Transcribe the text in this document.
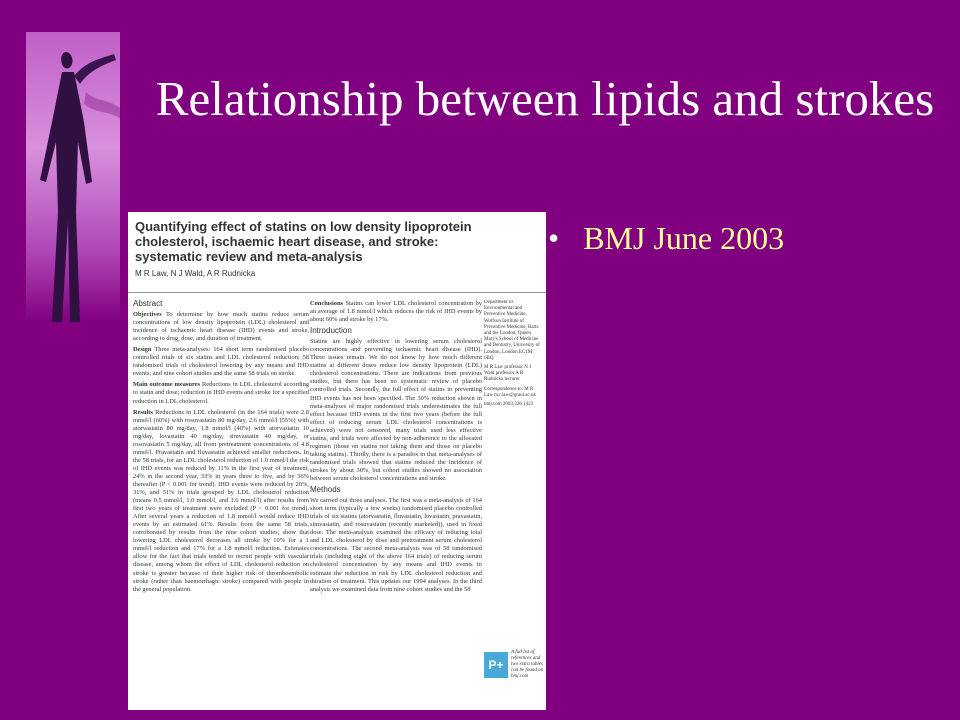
Relationship between lipids and strokes
• BMJ June 2003
Quantifying effect of statins on low density lipoprotein cholesterol, ischaemic heart disease, and stroke: systematic review and meta-analysis
M R Law, N J Wald, A R Rudnicka
Abstract

Objectives To determine by how much statins reduce serum concentrations of low density lipoprotein (LDL) cholesterol and incidence of ischaemic heart disease (IHD) events and stroke, according to drug, dose, and duration of treatment.

Design Three meta-analyses: 164 short term randomised placebo controlled trials of six statins and LDL cholesterol reduction; 58 randomised trials of cholesterol lowering by any means and IHD events; and nine cohort studies and the same 58 trials on stroke.

Main outcome measures Reductions in LDL cholesterol according to statin and dose; reduction in IHD events and stroke for a specified reduction in LDL cholesterol.

Results Reductions in LDL cholesterol (in the 164 trials) were 2.8 mmol/l (60%) with rosuvastatin 80 mg/day, 2.6 mmol/l (55%) with atorvastatin 80 mg/day, 1.8 mmol/l (40%) with atorvastatin 10 mg/day, lovastatin 40 mg/day, simvastatin 40 mg/day, or rosuvastatin 5 mg/day, all from pretreatment concentrations of 4.8 mmol/l. Pravastatin and fluvastatin achieved smaller reductions. In the 58 trials, for an LDL cholesterol reduction of 1.0 mmol/l the risk of IHD events was reduced by 11% in the first year of treatment, 24% in the second year, 33% in years three to five, and by 36% thereafter (P < 0.001 for trend). IHD events were reduced by 20%, 31%, and 51% in trials grouped by LDL cholesterol reduction (means 0.5 mmol/l, 1.0 mmol/l, and 1.6 mmol/l) after results from first two years of treatment were excluded (P < 0.001 for trend). After several years a reduction of 1.8 mmol/l would reduce IHD events by an estimated 61%. Results from the same 58 trials, corroborated by results from the nine cohort studies, show that lowering LDL cholesterol decreases all stroke by 10% for a 1 mmol/l reduction and 17% for a 1.8 mmol/l reduction. Estimates allow for the fact that trials tended to recruit people with vascular disease, among whom the effect of LDL cholesterol reduction on stroke is greater because of their higher risk of thromboembolic stroke (rather than haemorrhagic stroke) compared with people in the general population.

Conclusions Statins can lower LDL cholesterol concentration by an average of 1.8 mmol/l which reduces the risk of IHD events by about 60% and stroke by 17%.

Introduction

Statins are highly effective in lowering serum cholesterol concentrations and preventing ischaemic heart disease (IHD). Three issues remain. We do not know by how much different statins at different doses reduce low density lipoprotein (LDL) cholesterol concentrations. There are indications from previous studies, but there has been no systematic review of placebo controlled trials. Secondly, the full effect of statins in preventing IHD events has not been specified. The 30% reduction shown in meta-analyses of major randomised trials underestimates the full effect because IHD events in the first two years (before the full effect of reducing serum LDL cholesterol concentrations is achieved) were not censored, many trials used less effective statins, and trials were affected by non-adherence to the allocated regimen (those on statins not taking them and those on placebo taking statins). Thirdly, there is a paradox in that meta-analyses of randomised trials showed that statins reduced the incidence of strokes by about 30%, but cohort studies showed no association between serum cholesterol concentrations and stroke.

Methods

We carried out three analyses. The first was a meta-analysis of 164 short term (typically a few weeks) randomised placebo controlled trials of six statins (atorvastatin, fluvastatin, lovastatin, pravastatin, simvastatin, and rosuvastatin (recently marketed)), used in fixed dose. The meta-analysis examined the efficacy of reducing total and LDL cholesterol by dose and pretreatment serum cholesterol concentrations. The second meta-analysis was of 58 randomised trials (including eight of the above 164 trials) of reducing serum cholesterol concentration by any means and IHD events to estimate the reduction in risk by LDL cholesterol reduction and duration of treatment. This updates our 1994 analyses. In the third analysis we examined data from nine cohort studies and the 58

Department of Environmental and Preventive Medicine, Wolfson Institute of Preventive Medicine, Barts and the London, Queen Mary's School of Medicine and Dentistry, University of London, London EC1M 6BQ

M R Law professor N J Wald professor A R Rudnicka lecturer

Correspondence to: M R Law m.r.law@qmul.ac.uk

bmj.com 2003;326:1423

P+
A full list of references and two extra tables can be found on bmj.com
